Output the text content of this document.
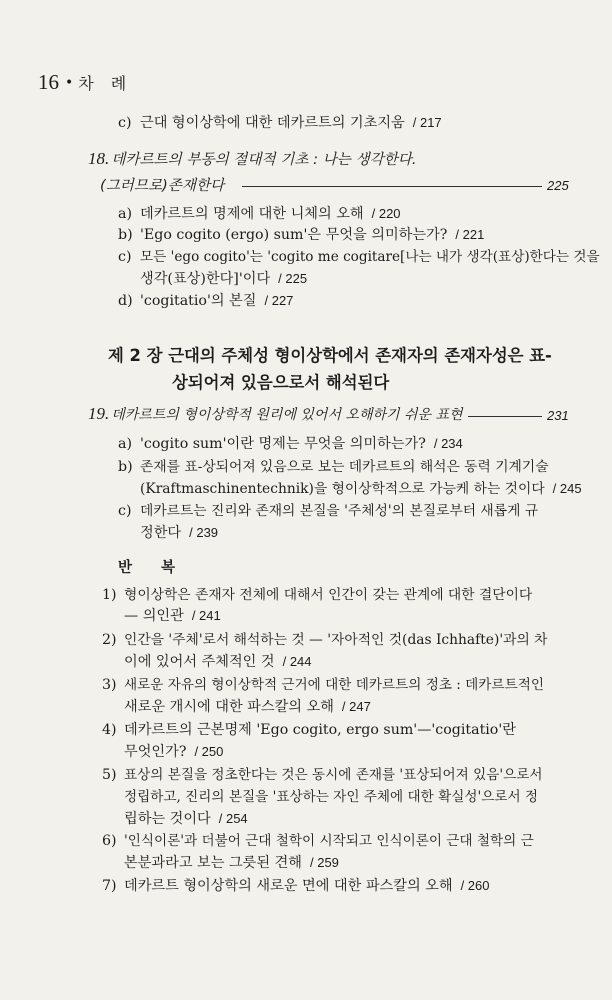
16 • 차 례
c) 근대 형이상학에 대한 데카르트의 기초지움 / 217
18. 데카르트의 부동의 절대적 기초 : 나는 생각한다.
(그러므로)존재한다	225
a) 데카르트의 명제에 대한 니체의 오해 / 220
b) 'Ego cogito (ergo) sum'은 무엇을 의미하는가? / 221
c) 모든 'ego cogito'는 'cogito me cogitare[나는 내가 생각(표상)한다는 것을
생각(표상)한다]'이다 / 225
d) 'cogitatio'의 본질 / 227
제 2 장 근대의 주체성 형이상학에서 존재자의 존재자성은 표-
상되어져 있음으로서 해석된다
19. 데카르트의 형이상학적 원리에 있어서 오해하기 쉬운 표현	231
a) 'cogito sum'이란 명제는 무엇을 의미하는가? / 234
b) 존재를 표-상되어져 있음으로 보는 데카르트의 해석은 동력 기계기술
(Kraftmaschinentechnik)을 형이상학적으로 가능케 하는 것이다 / 245
c) 데카르트는 진리와 존재의 본질을 '주체성'의 본질로부터 새롭게 규
정한다 / 239
반 복
1) 형이상학은 존재자 전체에 대해서 인간이 갖는 관계에 대한 결단이다
— 의인관 / 241
2) 인간을 '주체'로서 해석하는 것 — '자아적인 것(das Ichhafte)'과의 차
이에 있어서 주체적인 것 / 244
3) 새로운 자유의 형이상학적 근거에 대한 데카르트의 정초 : 데카르트적인
새로운 개시에 대한 파스칼의 오해 / 247
4) 데카르트의 근본명제 'Ego cogito, ergo sum'—'cogitatio'란
무엇인가? / 250
5) 표상의 본질을 정초한다는 것은 동시에 존재를 '표상되어져 있음'으로서
정립하고, 진리의 본질을 '표상하는 자인 주체에 대한 확실성'으로서 정
립하는 것이다 / 254
6) '인식이론'과 더불어 근대 철학이 시작되고 인식이론이 근대 철학의 근
본분과라고 보는 그릇된 견해 / 259
7) 데카르트 형이상학의 새로운 면에 대한 파스칼의 오해 / 260
